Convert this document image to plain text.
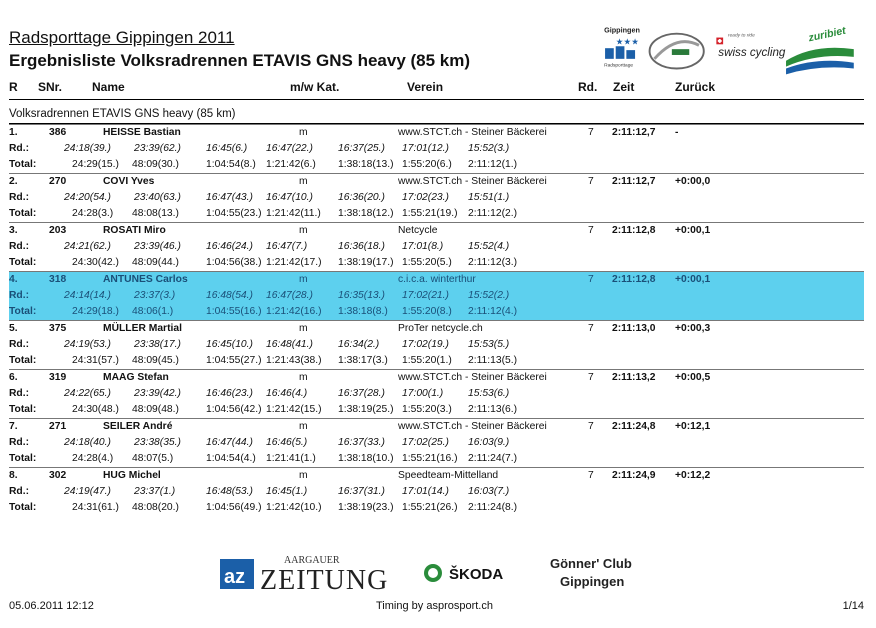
Radsporttage Gippingen 2011
Ergebnisliste Volksradrennen ETAVIS GNS heavy (85 km)
Gippingen
★★★
Radsporttage
ready to ride
swiss cycling
zuribiet
R SNr. Name	m/w Kat.	Verein	Rd. Zeit	Zurück
Volksradrennen ETAVIS GNS heavy (85 km)
1.	386	HEISSE Bastian	m	www.STCT.ch - Steiner Bäckerei	7 2:11:12,7 -
Rd.:	24:18(39.) 23:39(62.) 16:45(6.) 16:47(22.) 16:37(25.) 17:01(12.) 15:52(3.)
Total:	24:29(15.) 48:09(30.)	1:04:54(8.) 1:21:42(6.) 1:38:18(13.) 1:55:20(6.) 2:11:12(1.)
2.	270	COVI Yves	m	www.STCT.ch - Steiner Bäckerei	7 2:11:12,7 +0:00,0
Rd.:	24:20(54.) 23:40(63.) 16:47(43.) 16:47(10.) 16:36(20.) 17:02(23.) 15:51(1.)
Total:	24:28(3.) 48:08(13.)	1:04:55(23.) 1:21:42(11.) 1:38:18(12.) 1:55:21(19.) 2:11:12(2.)
3.	203	ROSATI Miro	m	Netcycle	7 2:11:12,8 +0:00,1
Rd.:	24:21(62.) 23:39(46.) 16:46(24.) 16:47(7.)	16:36(18.) 17:01(8.) 15:52(4.)
Total:	24:30(42.) 48:09(44.)	1:04:56(38.) 1:21:42(17.) 1:38:19(17.) 1:55:20(5.) 2:11:12(3.)
4.	318	ANTUNES Carlos	m	c.i.c.a. winterthur	7 2:11:12,8 +0:00,1
Rd.:	24:14(14.) 23:37(3.)	16:48(54.) 16:47(28.) 16:35(13.) 17:02(21.) 15:52(2.)
Total:	24:29(18.) 48:06(1.)	1:04:55(16.) 1:21:42(16.) 1:38:18(8.) 1:55:20(8.) 2:11:12(4.)
5.	375	MÜLLER Martial	m	ProTer netcycle.ch	7 2:11:13,0 +0:00,3
Rd.:	24:19(53.) 23:38(17.) 16:45(10.) 16:48(41.) 16:34(2.) 17:02(19.) 15:53(5.)
Total:	24:31(57.) 48:09(45.)	1:04:55(27.) 1:21:43(38.) 1:38:17(3.) 1:55:20(1.) 2:11:13(5.)
6.	319	MAAG Stefan	m	www.STCT.ch - Steiner Bäckerei	7 2:11:13,2 +0:00,5
Rd.:	24:22(65.) 23:39(42.) 16:46(23.) 16:46(4.)	16:37(28.) 17:00(1.) 15:53(6.)
Total:	24:30(48.) 48:09(48.)	1:04:56(42.) 1:21:42(15.) 1:38:19(25.) 1:55:20(3.) 2:11:13(6.)
7.	271	SEILER André	m	www.STCT.ch - Steiner Bäckerei	7 2:11:24,8 +0:12,1
Rd.:	24:18(40.) 23:38(35.) 16:47(44.) 16:46(5.)	16:37(33.) 17:02(25.) 16:03(9.)
Total:	24:28(4.) 48:07(5.)	1:04:54(4.) 1:21:41(1.) 1:38:18(10.) 1:55:21(16.) 2:11:24(7.)
8.	302	HUG Michel	m	Speedteam-Mittelland	7 2:11:24,9 +0:12,2
Rd.:	24:19(47.) 23:37(1.)	16:48(53.) 16:45(1.)	16:37(31.) 17:01(14.) 16:03(7.)
Total:	24:31(61.) 48:08(20.)	1:04:56(49.) 1:21:42(10.) 1:38:19(23.) 1:55:21(26.) 2:11:24(8.)
az
AARGAUER
ZEITUNG	ŠKODA
Gönner' Club
Gippingen
05.06.2011 12:12	Timing by asprosport.ch	1/14
